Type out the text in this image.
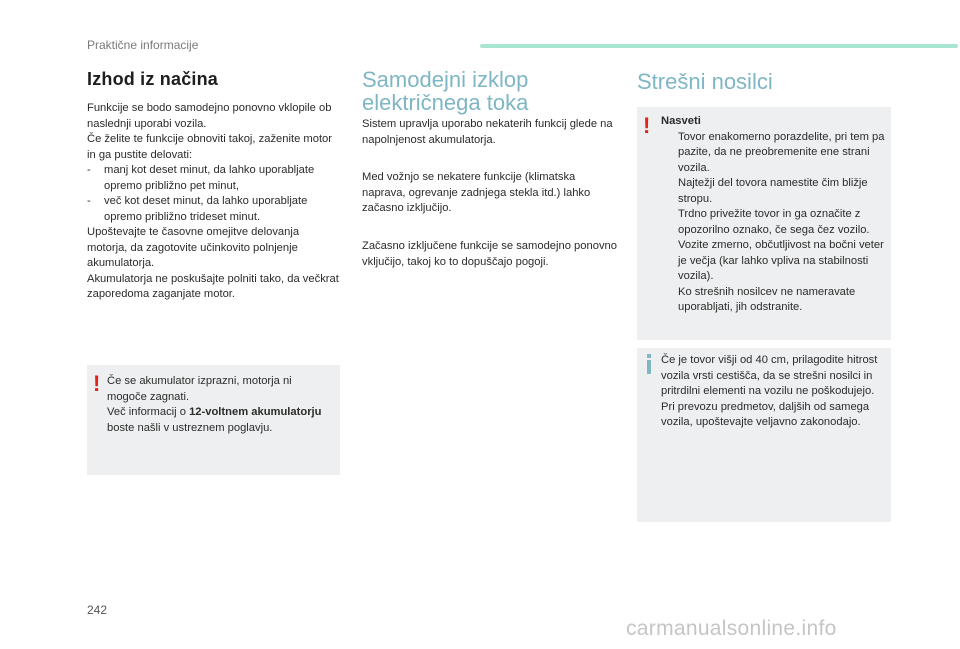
Praktične informacije
Izhod iz načina

Funkcije se bodo samodejno ponovno vklopile ob naslednji uporabi vozila.

Če želite te funkcije obnoviti takoj, zaženite motor in ga pustite delovati:

- manj kot deset minut, da lahko uporabljate opremo približno pet minut,

- več kot deset minut, da lahko uporabljate opremo približno trideset minut.

Upoštevajte te časovne omejitve delovanja motorja, da zagotovite učinkovito polnjenje akumulatorja.

Akumulatorja ne poskušajte polniti tako, da večkrat zaporedoma zaganjate motor.

! Če se akumulator izprazni, motorja ni mogoče zagnati.

Več informacij o 12-voltnem akumulatorju boste našli v ustreznem poglavju.

Samodejni izklop
električnega toka
Sistem upravlja uporabo nekaterih funkcij glede na napolnjenost akumulatorja.
Med vožnjo se nekatere funkcije (klimatska naprava, ogrevanje zadnjega stekla itd.) lahko začasno izključijo.
Začasno izključene funkcije se samodejno ponovno vključijo, takoj ko to dopuščajo pogoji.
Strešni nosilci
! Nasveti

Tovor enakomerno porazdelite, pri tem pa pazite, da ne preobremenite ene strani vozila.

Najtežji del tovora namestite čim bližje stropu.

Trdno privežite tovor in ga označite z opozorilno oznako, če sega čez vozilo.

Vozite zmerno, občutljivost na bočni veter je večja (kar lahko vpliva na stabilnosti vozila).

Ko strešnih nosilcev ne nameravate uporabljati, jih odstranite.

Če je tovor višji od 40 cm, prilagodite hitrost vozila vrsti cestišča, da se strešni nosilci in pritrdilni elementi na vozilu ne poškodujejo.

Pri prevozu predmetov, daljših od samega vozila, upoštevajte veljavno zakonodajo.

242
carmanualsonline.info
